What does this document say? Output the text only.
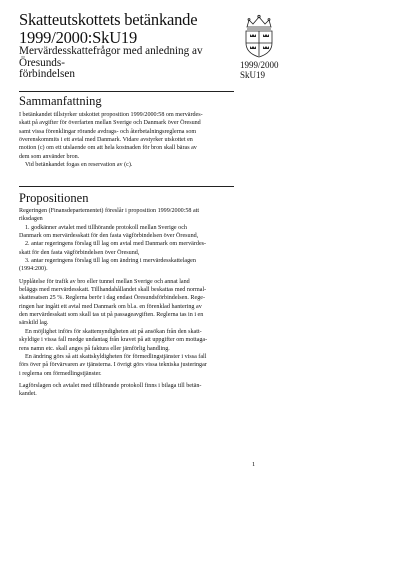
Skatteutskottets betänkande
1999/2000:SkU19
Mervärdesskattefrågor med anledning av Öresunds-
förbindelsen
1999/2000
SkU19
Sammanfattning
I betänkandet tillstyrker utskottet proposition 1999/2000:58 om mervärdes-
skatt på avgifter för överfarten mellan Sverige och Danmark över Öresund
samt vissa förenklingar rörande avdrags- och återbetalningsreglerna som
överenskommits i ett avtal med Danmark. Vidare avstyrker utskottet en
motion (c) om ett utslaende om att hela kostnaden för bron skall bäras av
dem som använder bron.
Vid betänkandet fogas en reservation av (c).
Propositionen
Regeringen (Finansdepartementet) föreslår i proposition 1999/2000:58 att
riksdagen
1. godkänner avtalet med tillhörande protokoll mellan Sverige och
Danmark om mervärdesskatt för den fasta vägförbindelsen över Öresund,
2. antar regeringens förslag till lag om avtal med Danmark om mervärdes-
skatt för den fasta vägförbindelsen över Öresund,
3. antar regeringens förslag till lag om ändring i mervärdesskattelagen
(1994:200).
Upplåtelse för trafik av bro eller tunnel mellan Sverige och annat land
beläggs med mervärdesskatt. Tillhandahållandet skall beskattas med normal-
skattesatsen 25 %. Reglerna berör i dag endast Öresundsförbindelsen. Rege-
ringen har ingått ett avtal med Danmark om bl.a. en förenklad hantering av
den mervärdesskatt som skall tas ut på passageavgiften. Reglerna tas in i en
särskild lag.
En möjlighet införs för skattemyndigheten att på ansökan från den skatt-
skyldige i vissa fall medge undantag från kravet på att uppgifter om mottaga-
rens namn etc. skall anges på faktura eller jämförlig handling.
En ändring görs så att skattskyldigheten för förmedlingstjänster i vissa fall
förs över på förvärvaren av tjänsterna. I övrigt görs vissa tekniska justeringar
i reglerna om förmedlingstjänster.
Lagförslagen och avtalet med tillhörande protokoll finns i bilaga till betän-
kandet.
1
